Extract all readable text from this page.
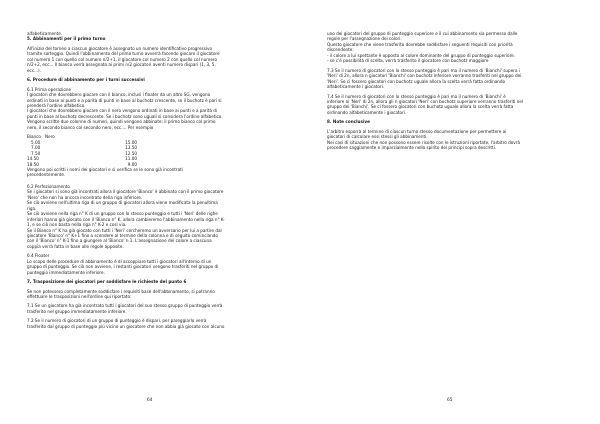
alfabeticamente.

5. Abbinamenti per il primo turno

All'inizio del torneo a ciascun giocatore è assegnato un numero identificativo progressivo

tramite sorteggio. Quindi l'abbinamento del primo turno avverrà facendo giocare il giocatore

col numero 1 con quello col numero n/2+1, il giocatore col numero 2 con quello col numero

n/2+2, ecc... Il bianco verrà assegnato ai primi n/2 giocatori aventi numero dispari (1, 3, 5,

ecc...).

6. Procedure di abbinamento per i turni successivi

6.1 Prima operazione

I giocatori che dovrebbero giocare con il bianco, inclusi i floater da un altro SG, vengono

ordinati in base ai punti e a parità di punti in base al buchotz crescente, se il buchotz è pari si

prenderà l'ordine alfabetico.

I giocatori che dovrebbero giocare con il nero vengono ordinati in base ai punti e a parità di

punti in base al buchotz decrescente. Se i buchotz sono uguali si considera l'ordine alfabetico.

Vengono scritte due colonne di numeri, quindi vengono abbinate: il primo bianco col primo

nero, il secondo bianco col secondo nero, ecc.... Per esempio

Bianco Nero
5.00	15.00
7.00	13.50
7.50	12.50
14.50	11.00
18.50	9.00

Vengono poi scritti i nomi dei giocatori e si verifica se le sono già incontrati

precedentemente.

6.2 Perfezionamento

Se i giocatori si sono già incontrati allora il giocatore 'Bianco' è abbinato con il primo giocatore

'Nero' che non ha ancora incontrato della riga inferiore.

Se ciò avviene nell'ultima riga di un gruppo di giocatori allora viene modificata la penultima

riga.

Se ciò avviene nella riga n° K di un gruppo con lo stesso punteggio e tutti i 'Neri' delle righe

inferiori hanno già giocato con il 'Bianco n° K, allora cambieremo l'abbinamento nella riga n° K-

1, e se ciò non basta nella riga n° K-2 e così via.

Se il Bianco n° K ha già giocato con tutti i 'Neri' cercheremo un avversario per lui a partire dal

giocatore 'Bianco' n° K+1 fino a scendere al termine della colonna e di seguito cominciando

con il 'Bianco' n° K-1 fino a giungere al 'Bianco' n 1. L'assegnazione del colore a ciascuna

coppia verrà fatta in base alle regole apposite.

6.4 Floater

Lo scopo delle procedure di abbinamento è di accoppiare tutti i giocatori all'interno di un

gruppo di punteggio. Se ciò non avviene, i restanti giocatori vengono trasferiti nel gruppo di

punteggio immediatamente inferiore.

7. Trasposizione dei giocatori per soddisfare le richieste del punto 6

Se non potessero completamente soddisfare i requisiti base dell'abbinamento, si potranno

effettuare le trasposizioni nell'ordine qui riportato:

7.1 Se un giocatore ha già incontrato tutti i giocatori del suo stesso gruppo di punteggio verrà

trasferito nel gruppo immediatamente inferiore.

7.2 Se il numero di giocatori di un gruppo di punteggio è dispari, per pareggiarlo verrà

trasferito dal gruppo di punteggio più vicino un giocatore che non abbia già giocato con alcuno

64

uno dei giocatori del gruppo di punteggio superiore e il cui abbinamento sia permesso dalle

regole per l'assegnazione dei colori.

Questo giocatore che viene trasferito dovrebbe soddisfare i seguenti requisiti con priorità

discendente:

- il colore a lui spettante è opposto al colore dominante del gruppo di punteggio superiore.

- se c'è possibilità di scelta, verrà trasferito il giocatore con buchotz maggiore

7.3 Se il numero di giocatori con lo stesso punteggio è pari ma il numero di 'Bianchi' supera i

'Neri' di 2n, allora n giocatori 'Bianchi' con buchotz inferiore verranno trasferiti nel gruppo dei

'Neri'. Se ci fossero giocatori con buchotz uguale allora la scelta verrà fatta ordinando

alfabeticamente i giocatori.

7.4 Se il numero di giocatori con lo stesso punteggio è pari ma il numero di 'Bianchi' è

inferiore ai 'Neri' di 2n, allora gli n giocatori 'Neri' con buchotz superiore verranno trasferiti nel

gruppo dei 'Bianchi'. Se ci fossero giocatori con buchotz uguale allora la scelta verrà fatta

ordinando alfabeticamente i giocatori.

8. Note conclusive

L'arbitro esporrà al termine di ciascun turno stesso documentazione per permettere ai

giocatori di calcolare essi stessi gli abbinamenti.

Nei casi di situazioni che non possono essere risolte con le istruzioni riportate, l'arbitro dovrà

procedere saggiamente e imparzialmente nello spirito dei principi sopra descritti.

65
